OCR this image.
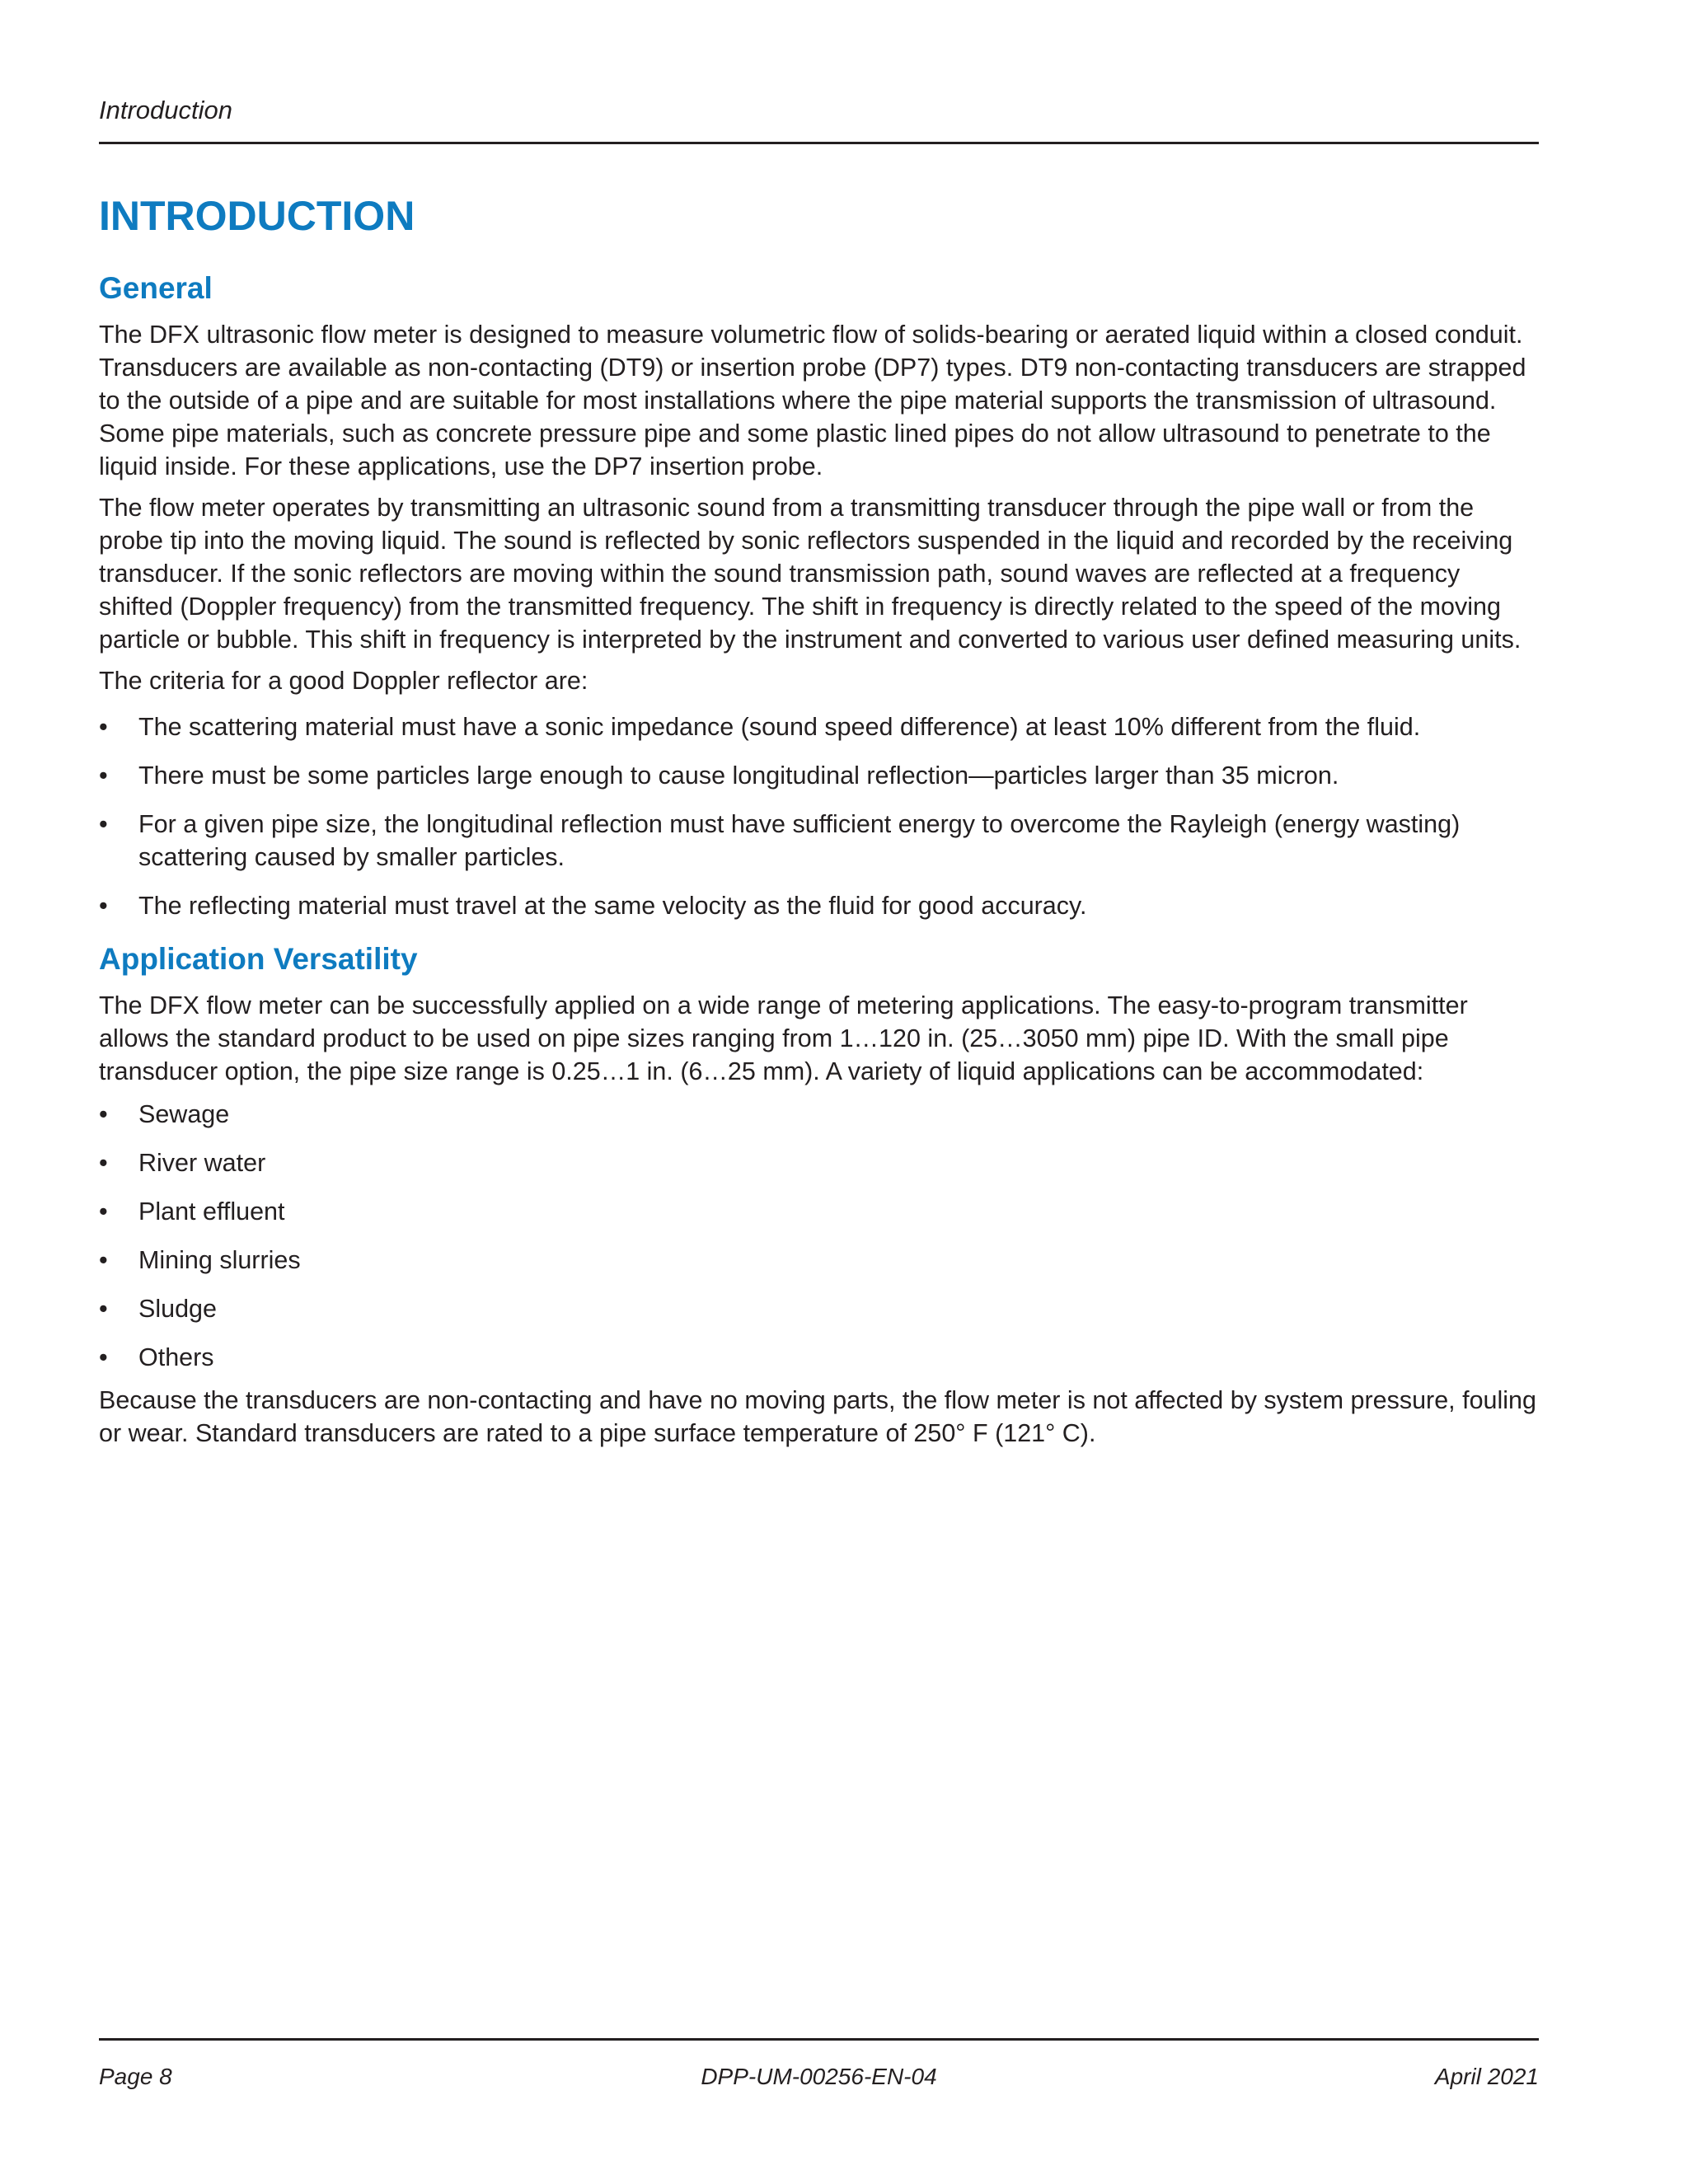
Introduction
INTRODUCTION
General

The DFX ultrasonic flow meter is designed to measure volumetric flow of solids-bearing or aerated liquid within a closed conduit. Transducers are available as non-contacting (DT9) or insertion probe (DP7) types. DT9 non-contacting transducers are strapped to the outside of a pipe and are suitable for most installations where the pipe material supports the transmission of ultrasound. Some pipe materials, such as concrete pressure pipe and some plastic lined pipes do not allow ultrasound to penetrate to the liquid inside. For these applications, use the DP7 insertion probe.

The flow meter operates by transmitting an ultrasonic sound from a transmitting transducer through the pipe wall or from the probe tip into the moving liquid. The sound is reflected by sonic reflectors suspended in the liquid and recorded by the receiving transducer. If the sonic reflectors are moving within the sound transmission path, sound waves are reflected at a frequency shifted (Doppler frequency) from the transmitted frequency. The shift in frequency is directly related to the speed of the moving particle or bubble. This shift in frequency is interpreted by the instrument and converted to various user defined measuring units.

The criteria for a good Doppler reflector are:

• The scattering material must have a sonic impedance (sound speed difference) at least 10% different from the fluid.
• There must be some particles large enough to cause longitudinal reflection—particles larger than 35 micron.
• For a given pipe size, the longitudinal reflection must have sufficient energy to overcome the Rayleigh (energy wasting) scattering caused by smaller particles.
• The reflecting material must travel at the same velocity as the fluid for good accuracy.
Application Versatility

The DFX flow meter can be successfully applied on a wide range of metering applications. The easy-to-program transmitter allows the standard product to be used on pipe sizes ranging from 1…120 in. (25…3050 mm) pipe ID. With the small pipe transducer option, the pipe size range is 0.25…1 in. (6…25 mm). A variety of liquid applications can be accommodated:

• Sewage
• River water
• Plant effluent
• Mining slurries
• Sludge
• Others

Because the transducers are non-contacting and have no moving parts, the flow meter is not affected by system pressure, fouling or wear. Standard transducers are rated to a pipe surface temperature of 250° F (121° C).

DPP-UM-00256-EN-04
Page 8	April 2021
